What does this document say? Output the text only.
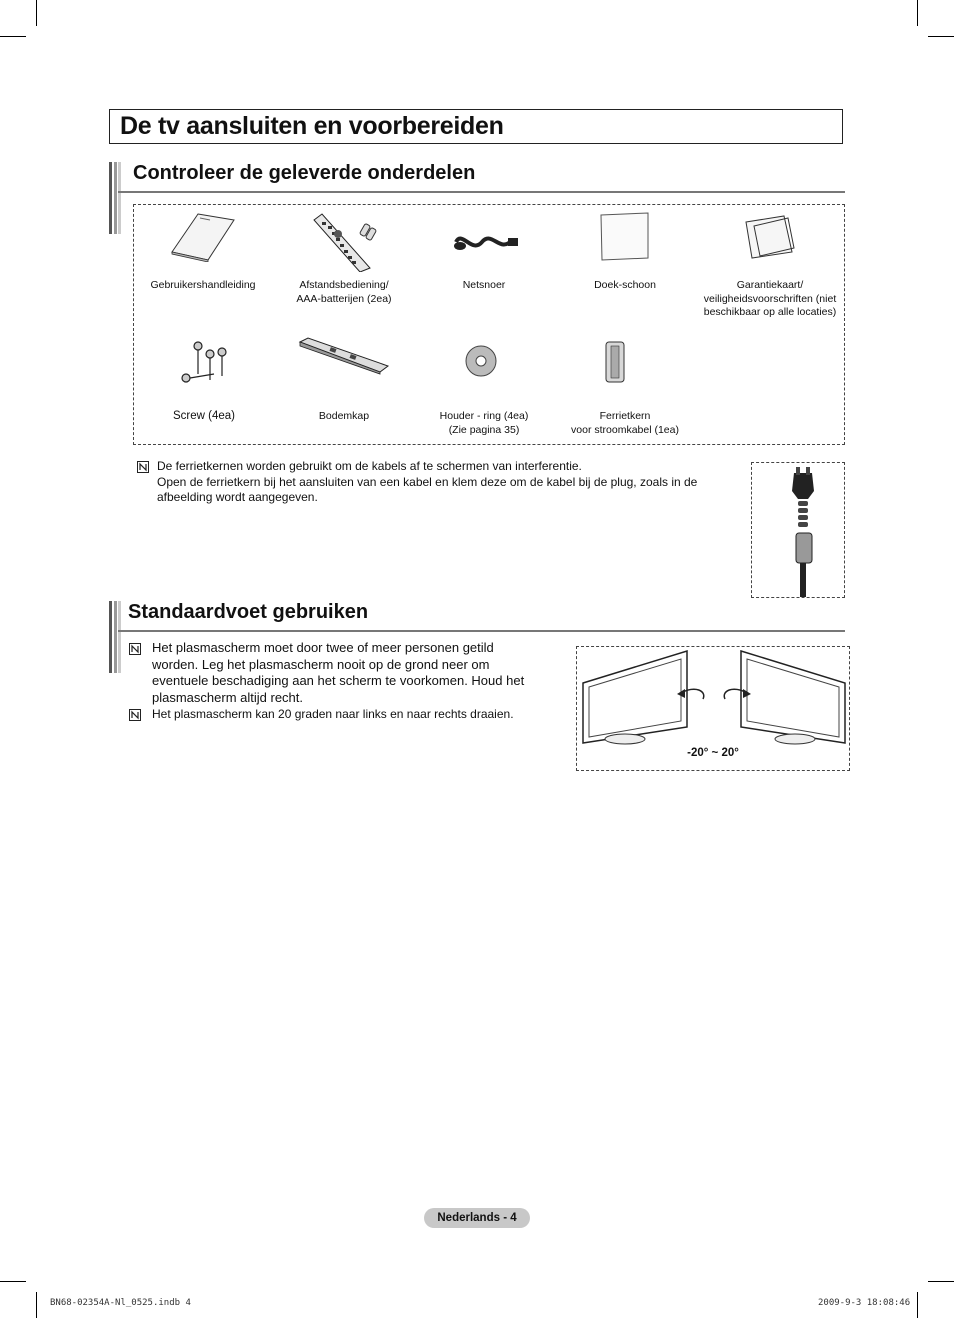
De tv aansluiten en voorbereiden
Controleer de geleverde onderdelen
Gebruikershandleiding	Afstandsbediening/
AAA-batterijen (2ea)
Netsnoer	Doek-schoon	Garantiekaart/
veiligheidsvoorschriften (niet
beschikbaar op alle locaties)
Screw (4ea)	Bodemkap	Houder - ring (4ea)
(Zie pagina 35)
Ferrietkern
voor stroomkabel (1ea)
De ferrietkernen worden gebruikt om de kabels af te schermen van interferentie.
Open de ferrietkern bij het aansluiten van een kabel en klem deze om de kabel bij de plug, zoals in de
afbeelding wordt aangegeven.
Standaardvoet gebruiken
Het plasmascherm moet door twee of meer personen getild
worden. Leg het plasmascherm nooit op de grond neer om
eventuele beschadiging aan het scherm te voorkomen. Houd het
plasmascherm altijd recht.
Het plasmascherm kan 20 graden naar links en naar rechts draaien.
-20° ~ 20°
Nederlands - 4
BN68-02354A-Nl_0525.indb 4	2009-9-3 18:08:46
